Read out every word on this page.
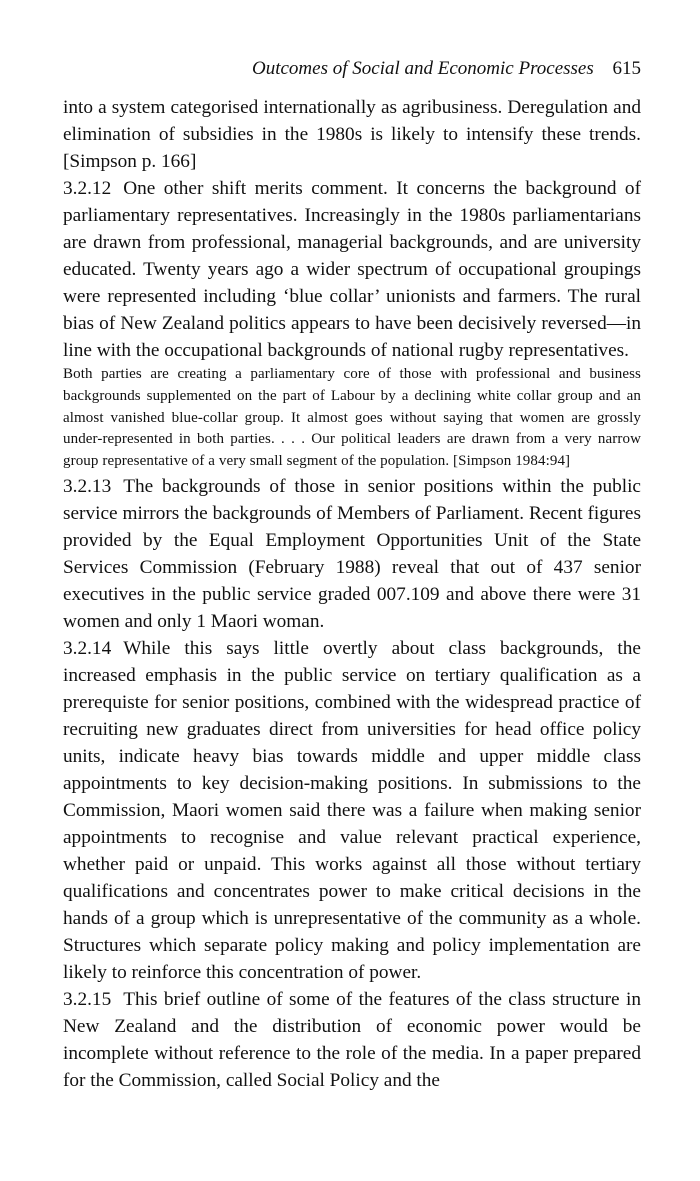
Outcomes of Social and Economic Processes 615

into a system categorised internationally as agribusiness. Deregulation and elimination of subsidies in the 1980s is likely to intensify these trends. [Simpson p. 166]

3.2.12 One other shift merits comment. It concerns the background of parliamentary representatives. Increasingly in the 1980s parliamentarians are drawn from professional, managerial backgrounds, and are university educated. Twenty years ago a wider spectrum of occupational groupings were represented including ‘blue collar’ unionists and farmers. The rural bias of New Zealand politics appears to have been decisively reversed—in line with the occupational backgrounds of national rugby representatives.

Both parties are creating a parliamentary core of those with professional and business backgrounds supplemented on the part of Labour by a declining white collar group and an almost vanished blue-collar group. It almost goes without saying that women are grossly under-represented in both parties. . . . Our political leaders are drawn from a very narrow group representative of a very small segment of the population. [Simpson 1984:94]

3.2.13 The backgrounds of those in senior positions within the public service mirrors the backgrounds of Members of Parliament. Recent figures provided by the Equal Employment Opportunities Unit of the State Services Commission (February 1988) reveal that out of 437 senior executives in the public service graded 007.109 and above there were 31 women and only 1 Maori woman.

3.2.14 While this says little overtly about class backgrounds, the increased emphasis in the public service on tertiary qualification as a prerequiste for senior positions, combined with the widespread practice of recruiting new graduates direct from universities for head office policy units, indicate heavy bias towards middle and upper middle class appointments to key decision-making positions. In submissions to the Commission, Maori women said there was a failure when making senior appointments to recognise and value relevant practical experience, whether paid or unpaid. This works against all those without tertiary qualifications and concentrates power to make critical decisions in the hands of a group which is unrepresentative of the community as a whole. Structures which separate policy making and policy implementation are likely to reinforce this concentration of power.

3.2.15 This brief outline of some of the features of the class structure in New Zealand and the distribution of economic power would be incomplete without reference to the role of the media. In a paper prepared for the Commission, called Social Policy and the
